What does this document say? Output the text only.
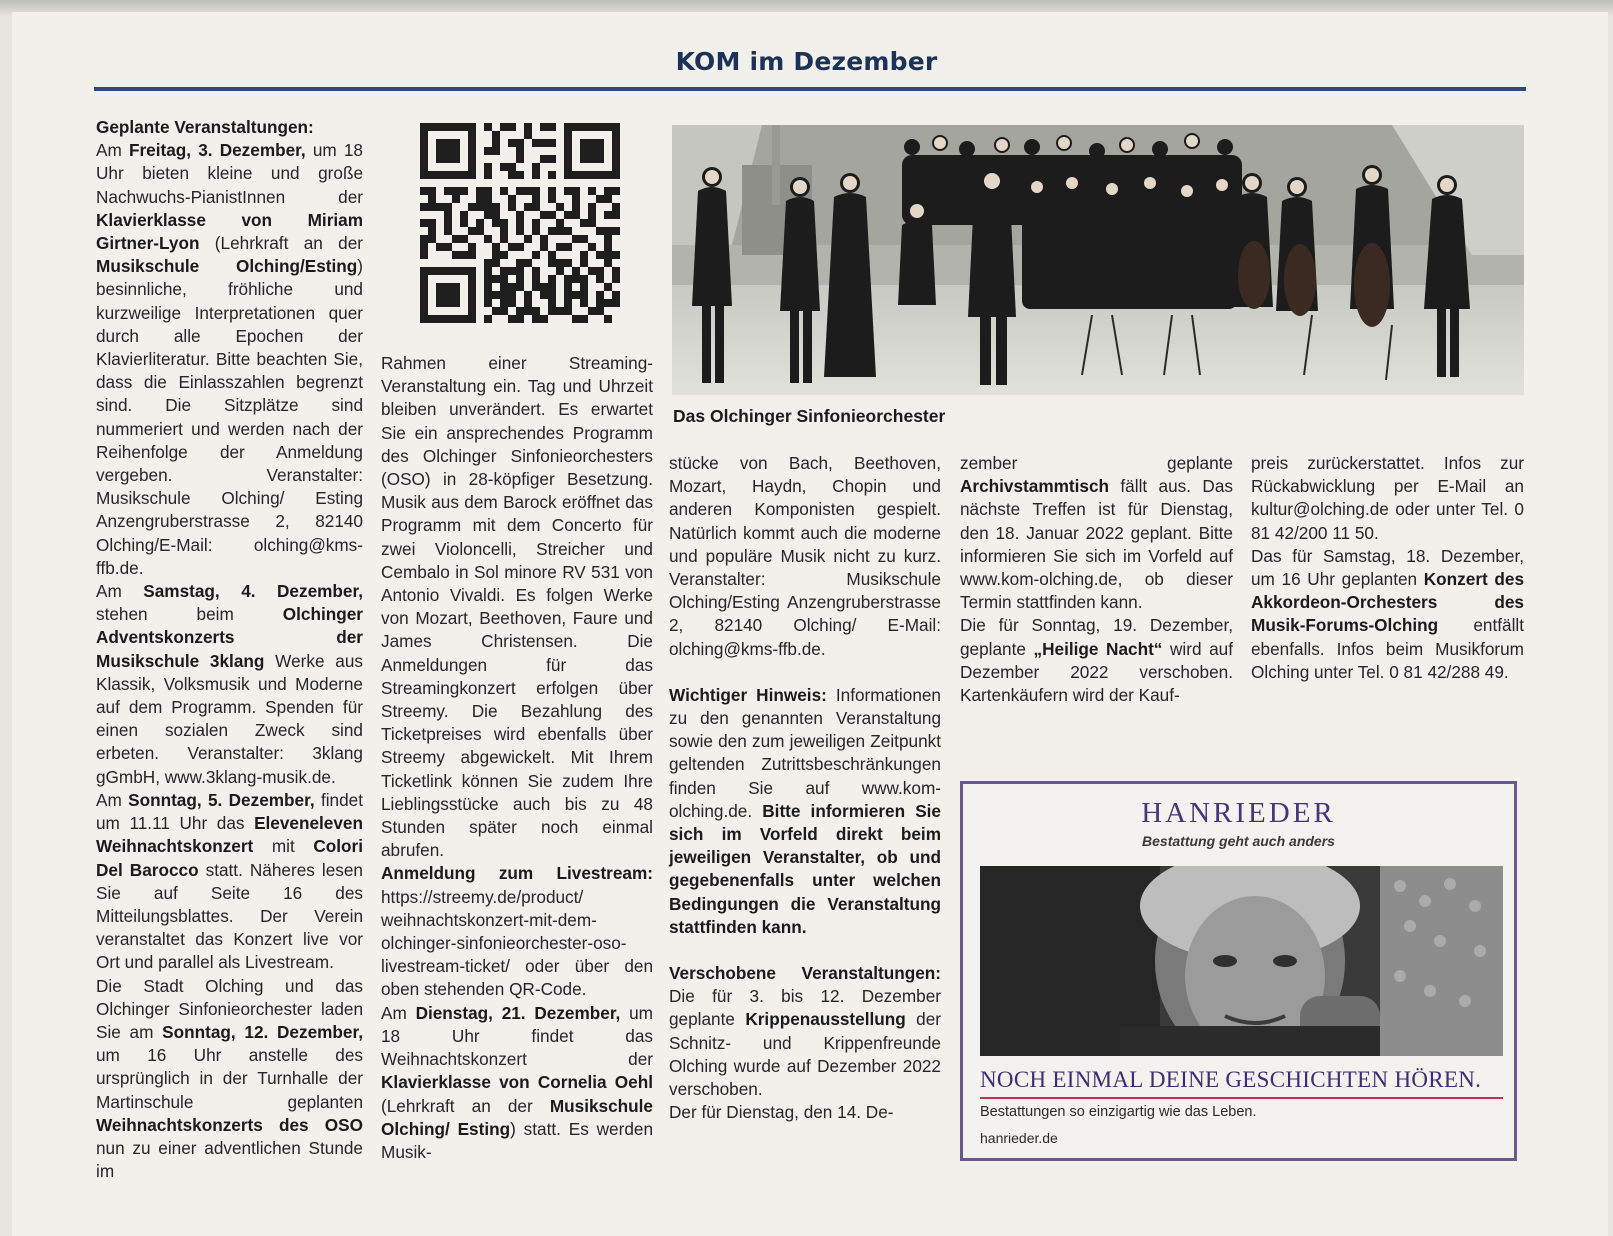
KOM im Dezember

Geplante Veranstaltungen:

Am Freitag, 3. Dezember, um 18 Uhr bieten kleine und große Nachwuchs-PianistInnen der Klavierklasse von Miriam Girtner-Lyon (Lehrkraft an der Musikschule Olching/Esting) besinnliche, fröhliche und kurzweilige Interpretationen quer durch alle Epochen der Klavierliteratur. Bitte beachten Sie, dass die Einlasszahlen begrenzt sind. Die Sitzplätze sind nummeriert und werden nach der Reihenfolge der Anmeldung vergeben. Veranstalter: Musikschule Olching/ Esting Anzengruberstrasse 2, 82140 Olching/E-Mail: olching@kms-ffb.de.

Am Samstag, 4. Dezember, stehen beim Olchinger Adventskonzerts der Musikschule 3klang Werke aus Klassik, Volksmusik und Moderne auf dem Programm. Spenden für einen sozialen Zweck sind erbeten. Veranstalter: 3klang gGmbH, www.3klang-musik.de.

Am Sonntag, 5. Dezember, findet um 11.11 Uhr das Eleveneleven Weihnachtskonzert mit Colori Del Barocco statt. Näheres lesen Sie auf Seite 16 des Mitteilungsblattes. Der Verein veranstaltet das Konzert live vor Ort und parallel als Livestream.

Die Stadt Olching und das Olchinger Sinfonieorchester laden Sie am Sonntag, 12. Dezember, um 16 Uhr anstelle des ursprünglich in der Turnhalle der Martinschule geplanten Weihnachtskonzerts des OSO nun zu einer adventlichen Stunde im

Das Olchinger Sinfonieorchester

Rahmen einer Streaming-Veranstaltung ein. Tag und Uhrzeit bleiben unverändert. Es erwartet Sie ein ansprechendes Programm des Olchinger Sinfonieorchesters (OSO) in 28-köpfiger Besetzung. Musik aus dem Barock eröffnet das Programm mit dem Concerto für zwei Violoncelli, Streicher und Cembalo in Sol minore RV 531 von Antonio Vivaldi. Es folgen Werke von Mozart, Beethoven, Faure und James Christensen. Die Anmeldungen für das Streamingkonzert erfolgen über Streemy. Die Bezahlung des Ticketpreises wird ebenfalls über Streemy abgewickelt. Mit Ihrem Ticketlink können Sie zudem Ihre Lieblingsstücke auch bis zu 48 Stunden später noch einmal abrufen.

Anmeldung zum Livestream: https://streemy.de/product/ weihnachtskonzert-mit-dem-olchinger-sinfonieorchester-oso-livestream-ticket/ oder über den oben stehenden QR-Code.

Am Dienstag, 21. Dezember, um 18 Uhr findet das Weihnachtskonzert der Klavierklasse von Cornelia Oehl (Lehrkraft an der Musikschule Olching/ Esting) statt. Es werden Musik-

stücke von Bach, Beethoven, Mozart, Haydn, Chopin und anderen Komponisten gespielt. Natürlich kommt auch die moderne und populäre Musik nicht zu kurz. Veranstalter: Musikschule Olching/Esting Anzengruberstrasse 2, 82140 Olching/ E-Mail: olching@kms-ffb.de.

Wichtiger Hinweis: Informationen zu den genannten Veranstaltung sowie den zum jeweiligen Zeitpunkt geltenden Zutrittsbeschränkungen finden Sie auf www.kom-olching.de. Bitte informieren Sie sich im Vorfeld direkt beim jeweiligen Veranstalter, ob und gegebenenfalls unter welchen Bedingungen die Veranstaltung stattfinden kann.

Verschobene Veranstaltungen: Die für 3. bis 12. Dezember geplante Krippenausstellung der Schnitz- und Krippenfreunde Olching wurde auf Dezember 2022 verschoben.

Der für Dienstag, den 14. De-

zember geplante Archivstammtisch fällt aus. Das nächste Treffen ist für Dienstag, den 18. Januar 2022 geplant. Bitte informieren Sie sich im Vorfeld auf www.kom-olching.de, ob dieser Termin stattfinden kann.

Die für Sonntag, 19. Dezember, geplante „Heilige Nacht“ wird auf Dezember 2022 verschoben. Kartenkäufern wird der Kauf-

preis zurückerstattet. Infos zur Rückabwicklung per E-Mail an kultur@olching.de oder unter Tel. 0 81 42/200 11 50.

Das für Samstag, 18. Dezember, um 16 Uhr geplanten Konzert des Akkordeon-Orchesters des Musik-Forums-Olching entfällt ebenfalls. Infos beim Musikforum Olching unter Tel. 0 81 42/288 49.

HANRIEDER
Bestattung geht auch anders
NOCH EINMAL DEINE GESCHICHTEN HÖREN.
Bestattungen so einzigartig wie das Leben.
hanrieder.de
